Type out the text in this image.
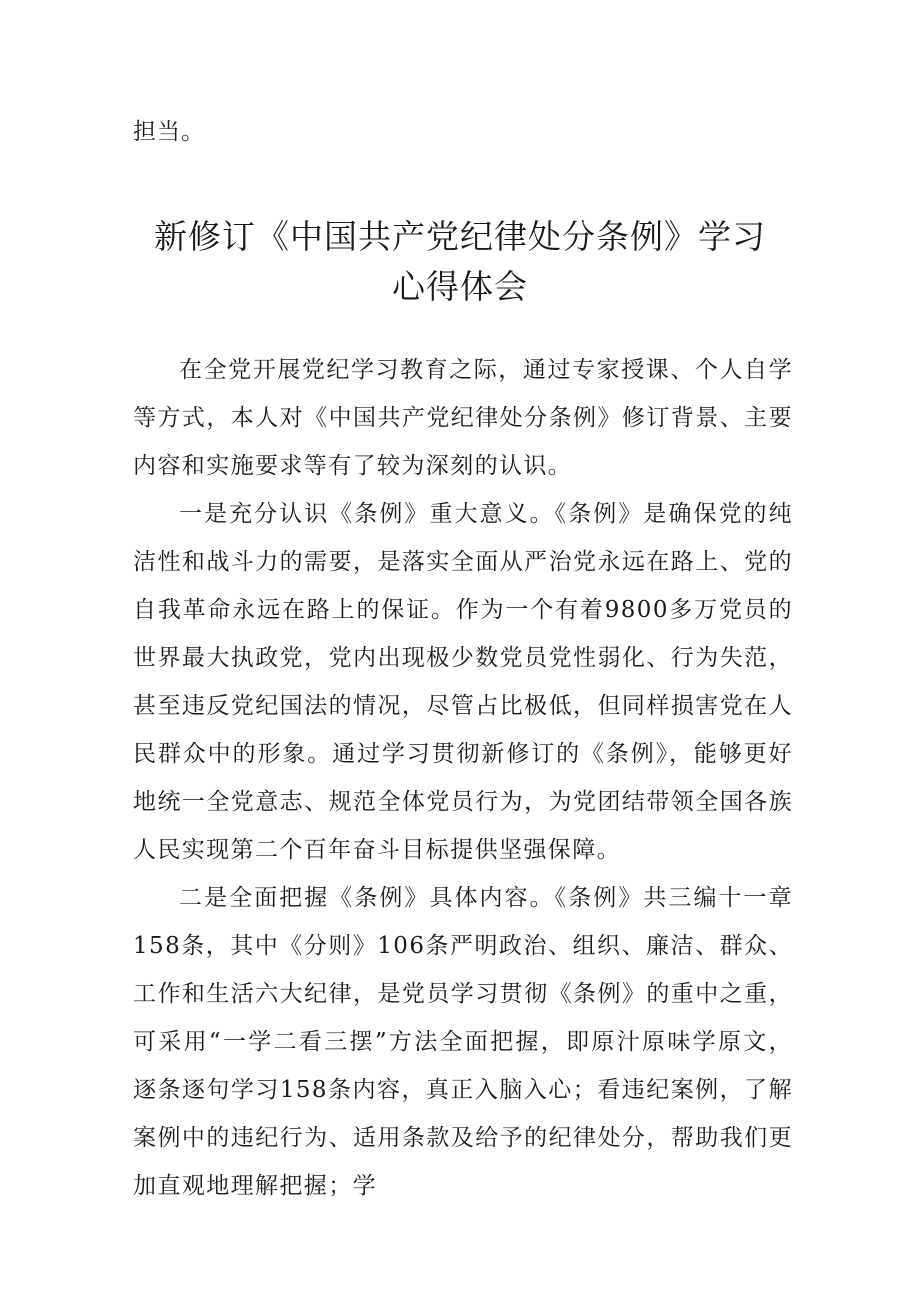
担当。

新修订《中国共产党纪律处分条例》学习
心得体会

在全党开展党纪学习教育之际，通过专家授课、个人自学等方式，本人对《中国共产党纪律处分条例》修订背景、主要内容和实施要求等有了较为深刻的认识。

一是充分认识《条例》重大意义。《条例》是确保党的纯洁性和战斗力的需要，是落实全面从严治党永远在路上、党的自我革命永远在路上的保证。作为一个有着9800多万党员的世界最大执政党，党内出现极少数党员党性弱化、行为失范，甚至违反党纪国法的情况，尽管占比极低，但同样损害党在人民群众中的形象。通过学习贯彻新修订的《条例》，能够更好地统一全党意志、规范全体党员行为，为党团结带领全国各族人民实现第二个百年奋斗目标提供坚强保障。

二是全面把握《条例》具体内容。《条例》共三编十一章158条，其中《分则》106条严明政治、组织、廉洁、群众、工作和生活六大纪律，是党员学习贯彻《条例》的重中之重，可采用“一学二看三摆”方法全面把握，即原汁原味学原文，逐条逐句学习158条内容，真正入脑入心；看违纪案例，了解案例中的违纪行为、适用条款及给予的纪律处分，帮助我们更加直观地理解把握；学
